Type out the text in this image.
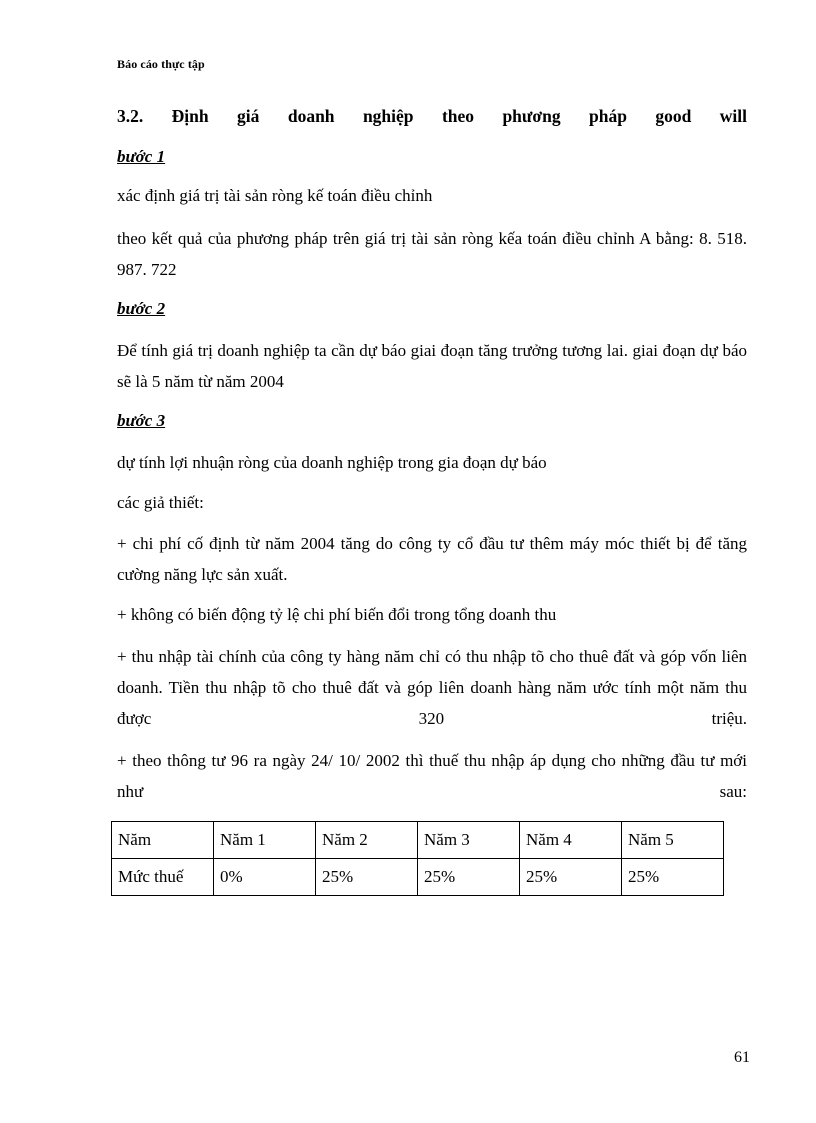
Báo cáo thực tập
3.2. Định giá doanh nghiệp theo phương pháp good will
bước 1
xác định giá trị tài sản ròng kế toán điều chỉnh
theo kết quả của phương pháp trên giá trị tài sản ròng kếa toán điều chỉnh A bằng: 8. 518. 987. 722
bước 2
Để tính giá trị doanh nghiệp ta cần dự báo giai đoạn tăng trưởng tương lai. giai đoạn dự báo sẽ là 5 năm từ năm 2004
bước 3
dự tính lợi nhuận ròng của doanh nghiệp trong gia đoạn dự báo
các giả thiết:
+ chi phí cố định từ năm 2004 tăng do công ty cổ đầu tư thêm máy móc thiết bị để tăng cường năng lực sản xuất.
+ không có biến động tỷ lệ chi phí biến đổi trong tổng doanh thu
+ thu nhập tài chính của công ty hàng năm chỉ có thu nhập tõ cho thuê đất và góp vốn liên doanh. Tiền thu nhập tõ cho thuê đất và góp liên doanh hàng năm ước tính một năm thu được 320 triệu.
+ theo thông tư 96 ra ngày 24/ 10/ 2002 thì thuế thu nhập áp dụng cho những đầu tư mới như sau:
Năm	Năm 1	Năm 2	Năm 3	Năm 4	Năm 5
Mức thuế	0%	25%	25%	25%	25%
61
